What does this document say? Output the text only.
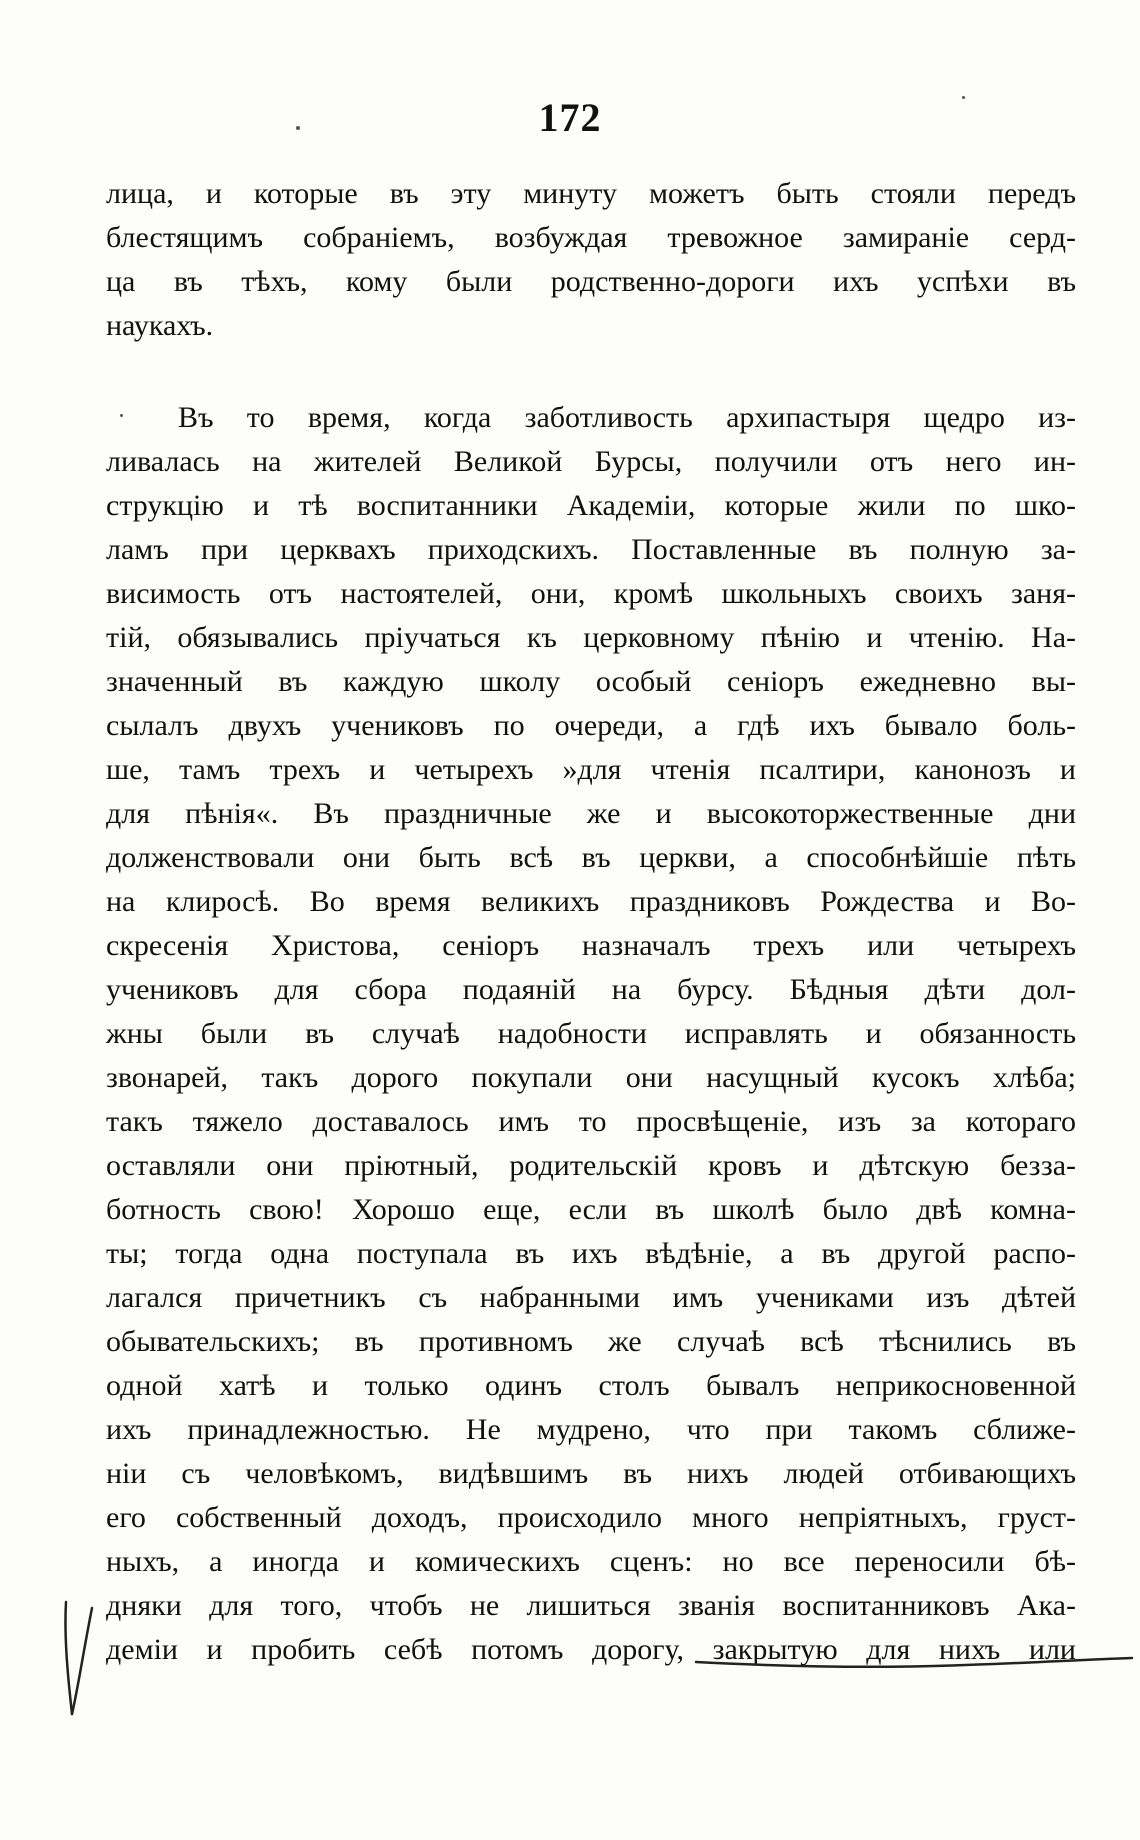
172
лица, и которые въ эту минуту можетъ быть стояли передъ
блестящимъ собраніемъ, возбуждая тревожное замираніе серд-
ца въ тѣхъ, кому были родственно-дороги ихъ успѣхи въ
наукахъ.
Въ то время, когда заботливость архипастыря щедро из-
ливалась на жителей Великой Бурсы, получили отъ него ин-
струкцію и тѣ воспитанники Академіи, которые жили по шко-
ламъ при церквахъ приходскихъ. Поставленные въ полную за-
висимость отъ настоятелей, они, кромѣ школьныхъ своихъ заня-
тій, обязывались пріучаться къ церковному пѣнію и чтенію. На-
значенный въ каждую школу особый сеніоръ ежедневно вы-
сылалъ двухъ учениковъ по очереди, а гдѣ ихъ бывало боль-
ше, тамъ трехъ и четырехъ »для чтенія псалтири, канонозъ и
для пѣнія«. Въ праздничные же и высокоторжественные дни
долженствовали они быть всѣ въ церкви, а способнѣйшіе пѣть
на клиросѣ. Во время великихъ праздниковъ Рождества и Во-
скресенія Христова, сеніоръ назначалъ трехъ или четырехъ
учениковъ для сбора подаяній на бурсу. Бѣдныя дѣти дол-
жны были въ случаѣ надобности исправлять и обязанность
звонарей, такъ дорого покупали они насущный кусокъ хлѣба;
такъ тяжело доставалось имъ то просвѣщеніе, изъ за котораго
оставляли они пріютный, родительскій кровъ и дѣтскую безза-
ботность свою! Хорошо еще, если въ школѣ было двѣ комна-
ты; тогда одна поступала въ ихъ вѣдѣніе, а въ другой распо-
лагался причетникъ съ набранными имъ учениками изъ дѣтей
обывательскихъ; въ противномъ же случаѣ всѣ тѣснились въ
одной хатѣ и только одинъ столъ бывалъ неприкосновенной
ихъ принадлежностью. Не мудрено, что при такомъ сближе-
ніи съ человѣкомъ, видѣвшимъ въ нихъ людей отбивающихъ
его собственный доходъ, происходило много непріятныхъ, груст-
ныхъ, а иногда и комическихъ сценъ: но все переносили бѣ-
дняки для того, чтобъ не лишиться званія воспитанниковъ Ака-
деміи и пробить себѣ потомъ дорогу, закрытую для нихъ или
